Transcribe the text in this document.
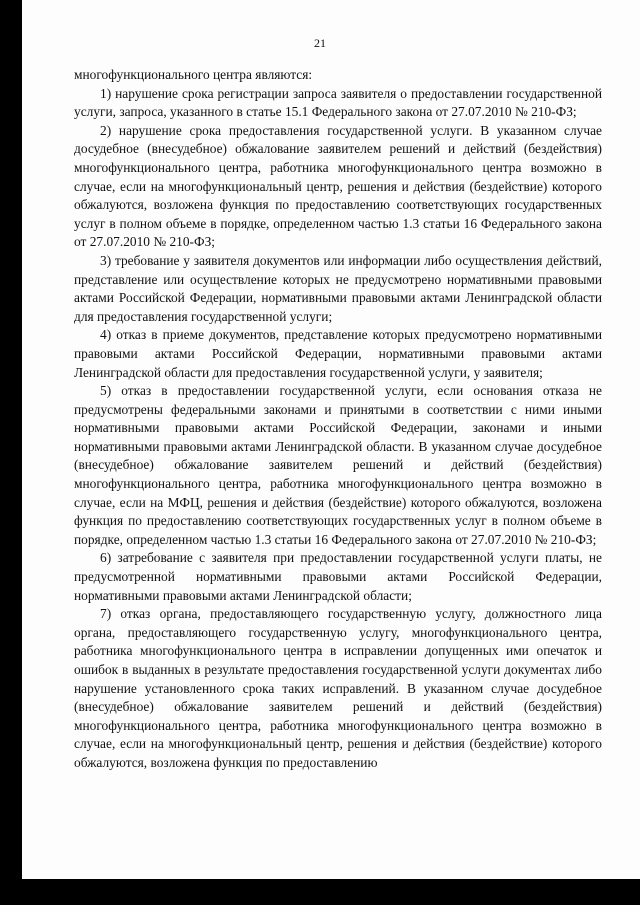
21

многофункционального центра являются:

1) нарушение срока регистрации запроса заявителя о предоставлении государственной услуги, запроса, указанного в статье 15.1 Федерального закона от 27.07.2010 № 210-ФЗ;

2) нарушение срока предоставления государственной услуги. В указанном случае досудебное (внесудебное) обжалование заявителем решений и действий (бездействия) многофункционального центра, работника многофункционального центра возможно в случае, если на многофункциональный центр, решения и действия (бездействие) которого обжалуются, возложена функция по предоставлению соответствующих государственных услуг в полном объеме в порядке, определенном частью 1.3 статьи 16 Федерального закона от 27.07.2010 № 210-ФЗ;

3) требование у заявителя документов или информации либо осуществления действий, представление или осуществление которых не предусмотрено нормативными правовыми актами Российской Федерации, нормативными правовыми актами Ленинградской области для предоставления государственной услуги;

4) отказ в приеме документов, представление которых предусмотрено нормативными правовыми актами Российской Федерации, нормативными правовыми актами Ленинградской области для предоставления государственной услуги, у заявителя;

5) отказ в предоставлении государственной услуги, если основания отказа не предусмотрены федеральными законами и принятыми в соответствии с ними иными нормативными правовыми актами Российской Федерации, законами и иными нормативными правовыми актами Ленинградской области. В указанном случае досудебное (внесудебное) обжалование заявителем решений и действий (бездействия) многофункционального центра, работника многофункционального центра возможно в случае, если на МФЦ, решения и действия (бездействие) которого обжалуются, возложена функция по предоставлению соответствующих государственных услуг в полном объеме в порядке, определенном частью 1.3 статьи 16 Федерального закона от 27.07.2010 № 210-ФЗ;

6) затребование с заявителя при предоставлении государственной услуги платы, не предусмотренной нормативными правовыми актами Российской Федерации, нормативными правовыми актами Ленинградской области;

7) отказ органа, предоставляющего государственную услугу, должностного лица органа, предоставляющего государственную услугу, многофункционального центра, работника многофункционального центра в исправлении допущенных ими опечаток и ошибок в выданных в результате предоставления государственной услуги документах либо нарушение установленного срока таких исправлений. В указанном случае досудебное (внесудебное) обжалование заявителем решений и действий (бездействия) многофункционального центра, работника многофункционального центра возможно в случае, если на многофункциональный центр, решения и действия (бездействие) которого обжалуются, возложена функция по предоставлению
